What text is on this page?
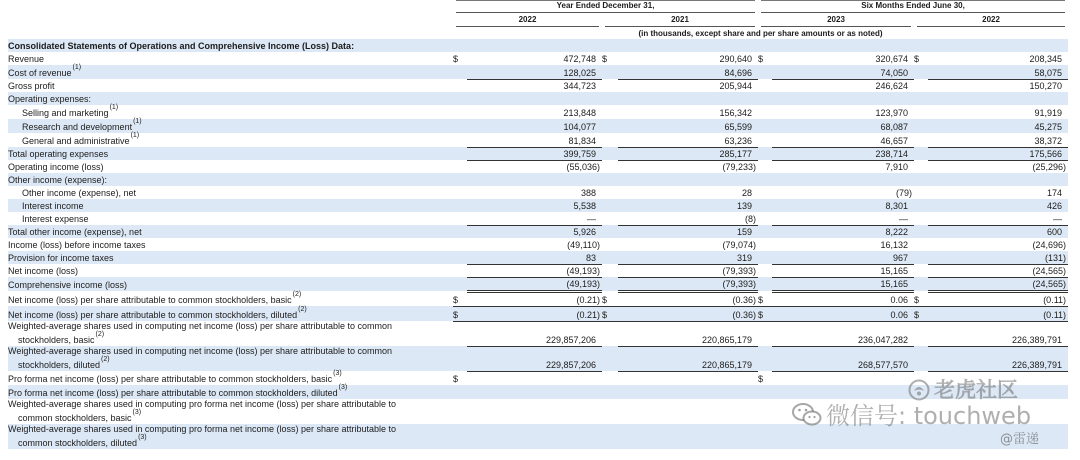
	Year Ended December 31,				Six Months Ended June 30,			

	2022		2021		2023		2022	

	(in thousands, except share and per share amounts or as noted)							
Consolidated Statements of Operations and Comprehensive Income (Loss) Data:								
Revenue	$	472,748	$	290,640	$	320,674	$	208,345
Cost of revenue$^{(1)}$		128,025		84,696		74,050		58,075
Gross profit		344,723		205,944		246,624		150,270
Operating expenses:								
Selling and marketing$^{(1)}$		213,848		156,342		123,970		91,919
Research and development$^{(1)}$		104,077		65,599		68,087		45,275
General and administrative$^{(1)}$		81,834		63,236		46,657		38,372
Total operating expenses		399,759		285,177		238,714		175,566
Operating income (loss)		(55,036)		(79,233)		7,910		(25,296)
Other income (expense):								
Other income (expense), net		388		28		(79)		174
Interest income		5,538		139		8,301		426
Interest expense		—		(8)		—		—
Total other income (expense), net		5,926		159		8,222		600
Income (loss) before income taxes		(49,110)		(79,074)		16,132		(24,696)
Provision for income taxes		83		319		967		(131)
Net income (loss)		(49,193)		(79,393)		15,165		(24,565)
Comprehensive income (loss)		(49,193)		(79,393)		15,165		(24,565)
Net income (loss) per share attributable to common stockholders, basic$^{(2)}$	$	(0.21)	$	(0.36)	$	0.06	$	(0.11)
Net income (loss) per share attributable to common stockholders, diluted$^{(2)}$	$	(0.21)	$	(0.36)	$	0.06	$	(0.11)

Weighted-average shares used in computing net income (loss) per share attributable to common
stockholders, basic$^{(2)}$		229,857,206		220,865,179		236,047,282		226,389,791

Weighted-average shares used in computing net income (loss) per share attributable to common
stockholders, diluted$^{(2)}$		229,857,206		220,865,179		268,577,570		226,389,791
Pro forma net income (loss) per share attributable to common stockholders, basic$^{(3)}$	$				$			
Pro forma net income (loss) per share attributable to common stockholders, diluted$^{(3)}$								

Weighted-average shares used in computing pro forma net income (loss) per share attributable to
common stockholders, basic$^{(3)}$

Weighted-average shares used in computing pro forma net income (loss) per share attributable to
common stockholders, diluted$^{(3)}$

老虎社区
微信号: touchweb
@雷递
